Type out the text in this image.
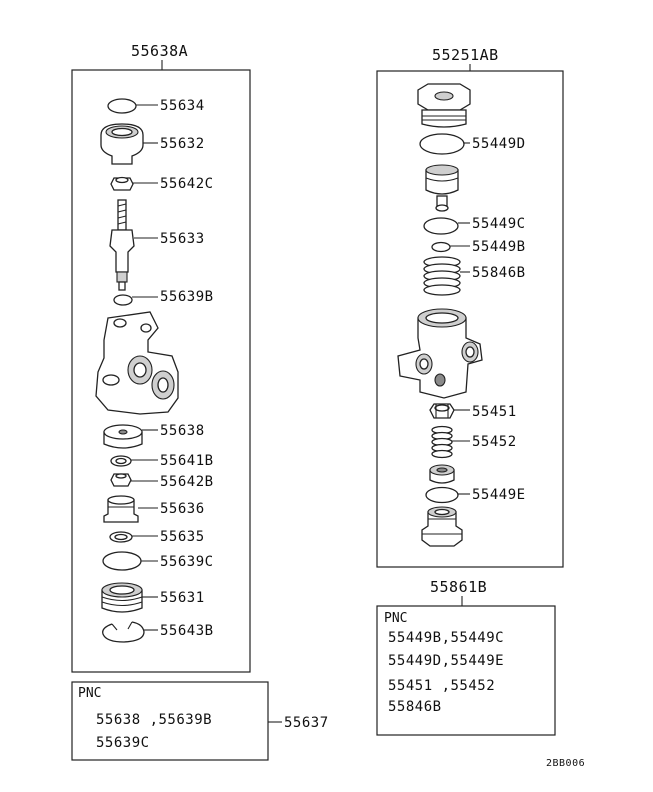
55638A
55634
55632
55642C
55633
55639B
55638
55641B
55642B
55636
55635
55639C
55631
55643B
PNC
55638 ,55639B
55639C
55637
55251AB
55449D
55449C
55449B
55846B
55451
55452
55449E
55861B
PNC
55449B,55449C
55449D,55449E
55451 ,55452
55846B
2BB006
